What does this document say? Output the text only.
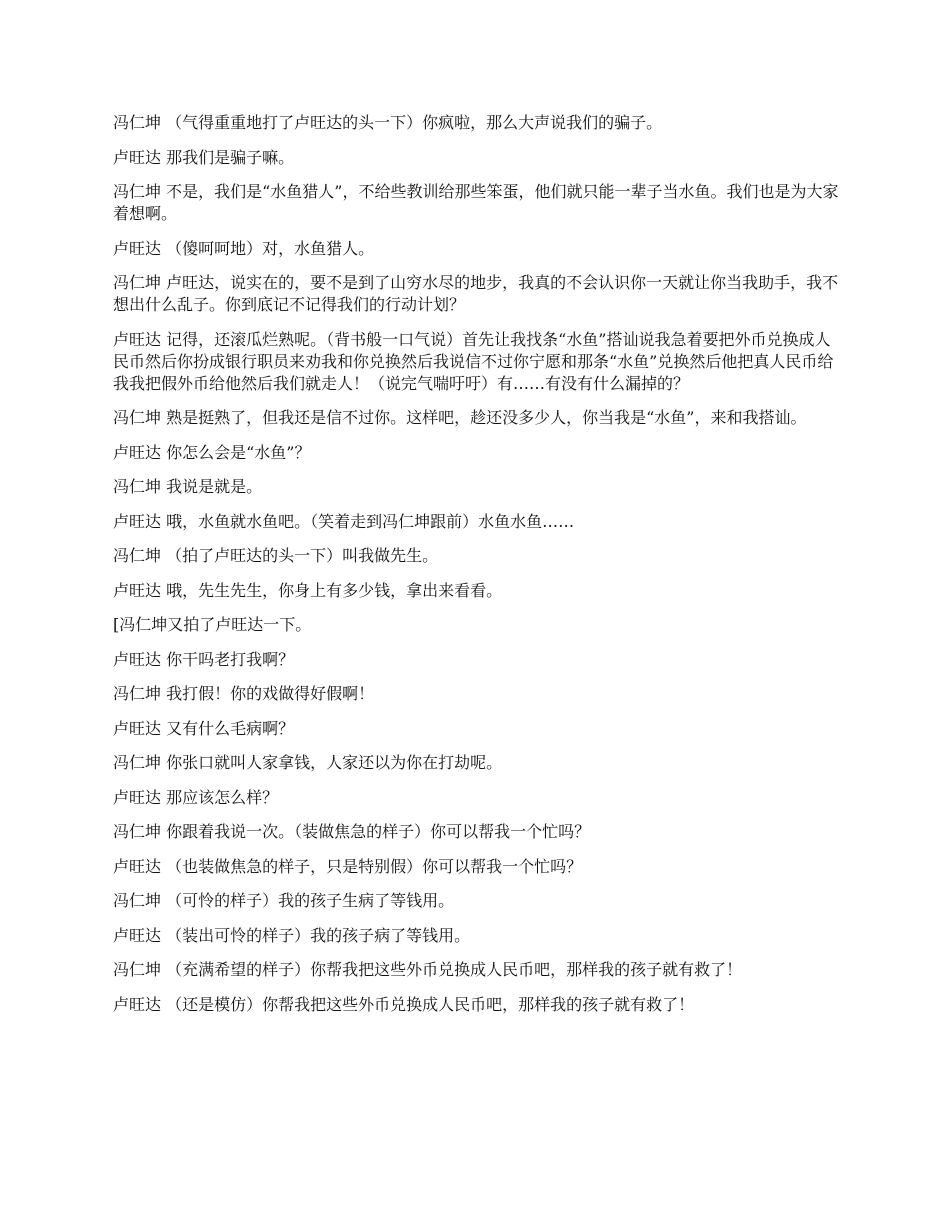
冯仁坤 （气得重重地打了卢旺达的头一下）你疯啦，那么大声说我们的骗子。

卢旺达 那我们是骗子嘛。

冯仁坤 不是，我们是“水鱼猎人”，不给些教训给那些笨蛋，他们就只能一辈子当水鱼。我们也是为大家着想啊。

卢旺达 （傻呵呵地）对，水鱼猎人。

冯仁坤 卢旺达，说实在的，要不是到了山穷水尽的地步，我真的不会认识你一天就让你当我助手，我不想出什么乱子。你到底记不记得我们的行动计划？

卢旺达 记得，还滚瓜烂熟呢。（背书般一口气说）首先让我找条“水鱼”搭讪说我急着要把外币兑换成人民币然后你扮成银行职员来劝我和你兑换然后我说信不过你宁愿和那条“水鱼”兑换然后他把真人民币给我我把假外币给他然后我们就走人！（说完气喘吁吁）有……有没有什么漏掉的？

冯仁坤 熟是挺熟了，但我还是信不过你。这样吧，趁还没多少人，你当我是“水鱼”，来和我搭讪。

卢旺达 你怎么会是“水鱼”？

冯仁坤 我说是就是。

卢旺达 哦，水鱼就水鱼吧。（笑着走到冯仁坤跟前）水鱼水鱼……

冯仁坤 （拍了卢旺达的头一下）叫我做先生。

卢旺达 哦，先生先生，你身上有多少钱，拿出来看看。

[冯仁坤又拍了卢旺达一下。

卢旺达 你干吗老打我啊？

冯仁坤 我打假！你的戏做得好假啊！

卢旺达 又有什么毛病啊？

冯仁坤 你张口就叫人家拿钱，人家还以为你在打劫呢。

卢旺达 那应该怎么样？

冯仁坤 你跟着我说一次。（装做焦急的样子）你可以帮我一个忙吗？

卢旺达 （也装做焦急的样子，只是特别假）你可以帮我一个忙吗？

冯仁坤 （可怜的样子）我的孩子生病了等钱用。

卢旺达 （装出可怜的样子）我的孩子病了等钱用。

冯仁坤 （充满希望的样子）你帮我把这些外币兑换成人民币吧，那样我的孩子就有救了！

卢旺达 （还是模仿）你帮我把这些外币兑换成人民币吧，那样我的孩子就有救了！
